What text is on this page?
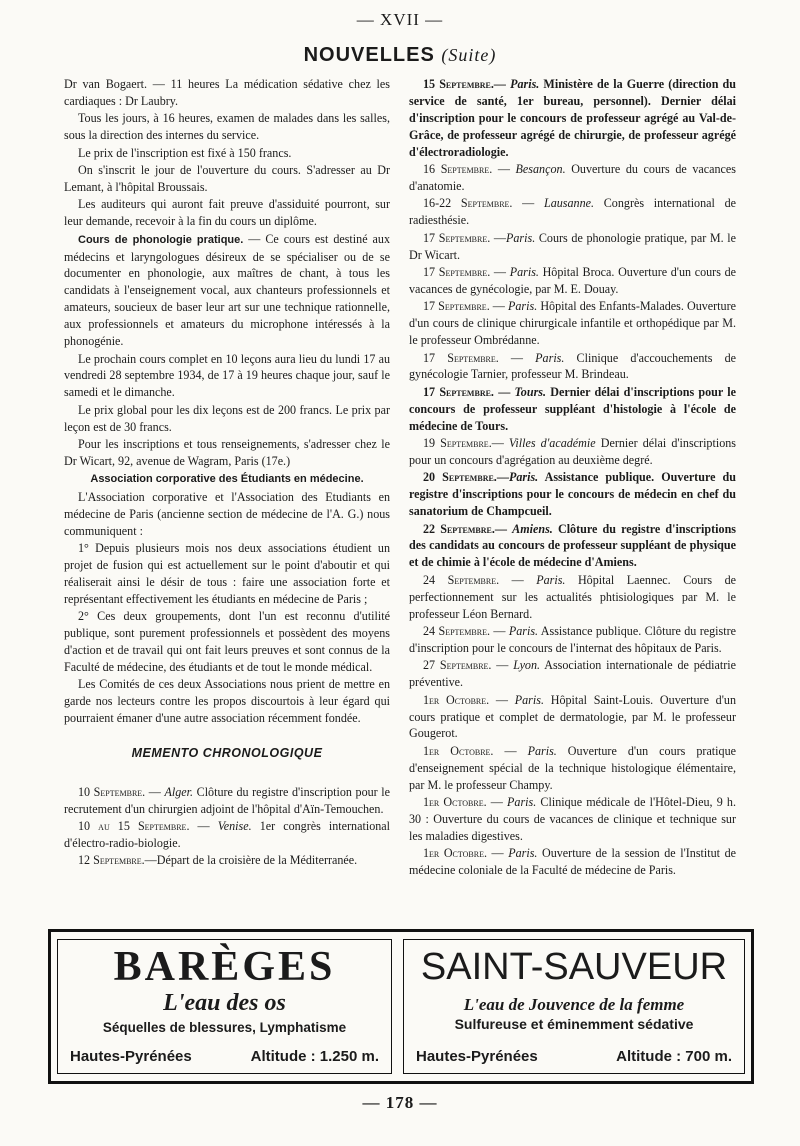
— XVII —
NOUVELLES (Suite)

Dr van Bogaert. — 11 heures La médication sédative chez les cardiaques : Dr Laubry.

Tous les jours, à 16 heures, examen de malades dans les salles, sous la direction des internes du service.

Le prix de l'inscription est fixé à 150 francs.

On s'inscrit le jour de l'ouverture du cours. S'adresser au Dr Lemant, à l'hôpital Broussais.

Les auditeurs qui auront fait preuve d'assiduité pourront, sur leur demande, recevoir à la fin du cours un diplôme.

Cours de phonologie pratique. — Ce cours est destiné aux médecins et laryngologues désireux de se spécialiser ou de se documenter en phonologie, aux maîtres de chant, à tous les candidats à l'enseignement vocal, aux chanteurs professionnels et amateurs, soucieux de baser leur art sur une technique rationnelle, aux professionnels et amateurs du microphone intéressés à la phonogénie.

Le prochain cours complet en 10 leçons aura lieu du lundi 17 au vendredi 28 septembre 1934, de 17 à 19 heures chaque jour, sauf le samedi et le dimanche.

Le prix global pour les dix leçons est de 200 francs. Le prix par leçon est de 30 francs.

Pour les inscriptions et tous renseignements, s'adresser chez le Dr Wicart, 92, avenue de Wagram, Paris (17e.)

Association corporative des Étudiants en médecine.

L'Association corporative et l'Association des Etudiants en médecine de Paris (ancienne section de médecine de l'A. G.) nous communiquent :

1° Depuis plusieurs mois nos deux associations étudient un projet de fusion qui est actuellement sur le point d'aboutir et qui réaliserait ainsi le désir de tous : faire une association forte et représentant effectivement les étudiants en médecine de Paris ;

2° Ces deux groupements, dont l'un est reconnu d'utilité publique, sont purement professionnels et possèdent des moyens d'action et de travail qui ont fait leurs preuves et sont connus de la Faculté de médecine, des étudiants et de tout le monde médical.

Les Comités de ces deux Associations nous prient de mettre en garde nos lecteurs contre les propos discourtois à leur égard qui pourraient émaner d'une autre association récemment fondée.

MEMENTO CHRONOLOGIQUE

10 Septembre. — Alger. Clôture du registre d'inscription pour le recrutement d'un chirurgien adjoint de l'hôpital d'Aïn-Temouchen.

10 au 15 Septembre. — Venise. 1er congrès international d'électro-radio-biologie.

12 Septembre.—Départ de la croisière de la Méditerranée.

15 Septembre.— Paris. Ministère de la Guerre (direction du service de santé, 1er bureau, personnel). Dernier délai d'inscription pour le concours de professeur agrégé au Val-de-Grâce, de professeur agrégé de chirurgie, de professeur agrégé d'électroradiologie.

16 Septembre. — Besançon. Ouverture du cours de vacances d'anatomie.

16-22 Septembre. — Lausanne. Congrès international de radiesthésie.

17 Septembre. —Paris. Cours de phonologie pratique, par M. le Dr Wicart.

17 Septembre. — Paris. Hôpital Broca. Ouverture d'un cours de vacances de gynécologie, par M. E. Douay.

17 Septembre. — Paris. Hôpital des Enfants-Malades. Ouverture d'un cours de clinique chirurgicale infantile et orthopédique par M. le professeur Ombrédanne.

17 Septembre. — Paris. Clinique d'accouchements de gynécologie Tarnier, professeur M. Brindeau.

17 Septembre. — Tours. Dernier délai d'inscriptions pour le concours de professeur suppléant d'histologie à l'école de médecine de Tours.

19 Septembre.— Villes d'académie Dernier délai d'inscriptions pour un concours d'agrégation au deuxième degré.

20 Septembre.—Paris. Assistance publique. Ouverture du registre d'inscriptions pour le concours de médecin en chef du sanatorium de Champcueil.

22 Septembre.— Amiens. Clôture du registre d'inscriptions des candidats au concours de professeur suppléant de physique et de chimie à l'école de médecine d'Amiens.

24 Septembre. — Paris. Hôpital Laennec. Cours de perfectionnement sur les actualités phtisiologiques par M. le professeur Léon Bernard.

24 Septembre. — Paris. Assistance publique. Clôture du registre d'inscription pour le concours de l'internat des hôpitaux de Paris.

27 Septembre. — Lyon. Association internationale de pédiatrie préventive.

1er Octobre. — Paris. Hôpital Saint-Louis. Ouverture d'un cours pratique et complet de dermatologie, par M. le professeur Gougerot.

1er Octobre. — Paris. Ouverture d'un cours pratique d'enseignement spécial de la technique histologique élémentaire, par M. le professeur Champy.

1er Octobre. — Paris. Clinique médicale de l'Hôtel-Dieu, 9 h. 30 : Ouverture du cours de vacances de clinique et technique sur les maladies digestives.

1er Octobre. — Paris. Ouverture de la session de l'Institut de médecine coloniale de la Faculté de médecine de Paris.

BARÈGES
L'eau des os
Séquelles de blessures, Lymphatisme
Hautes-Pyrénées	Altitude : 1.250 m.
SAINT-SAUVEUR
L'eau de Jouvence de la femme
Sulfureuse et éminemment sédative
Hautes-Pyrénées	Altitude : 700 m.
— 178 —
